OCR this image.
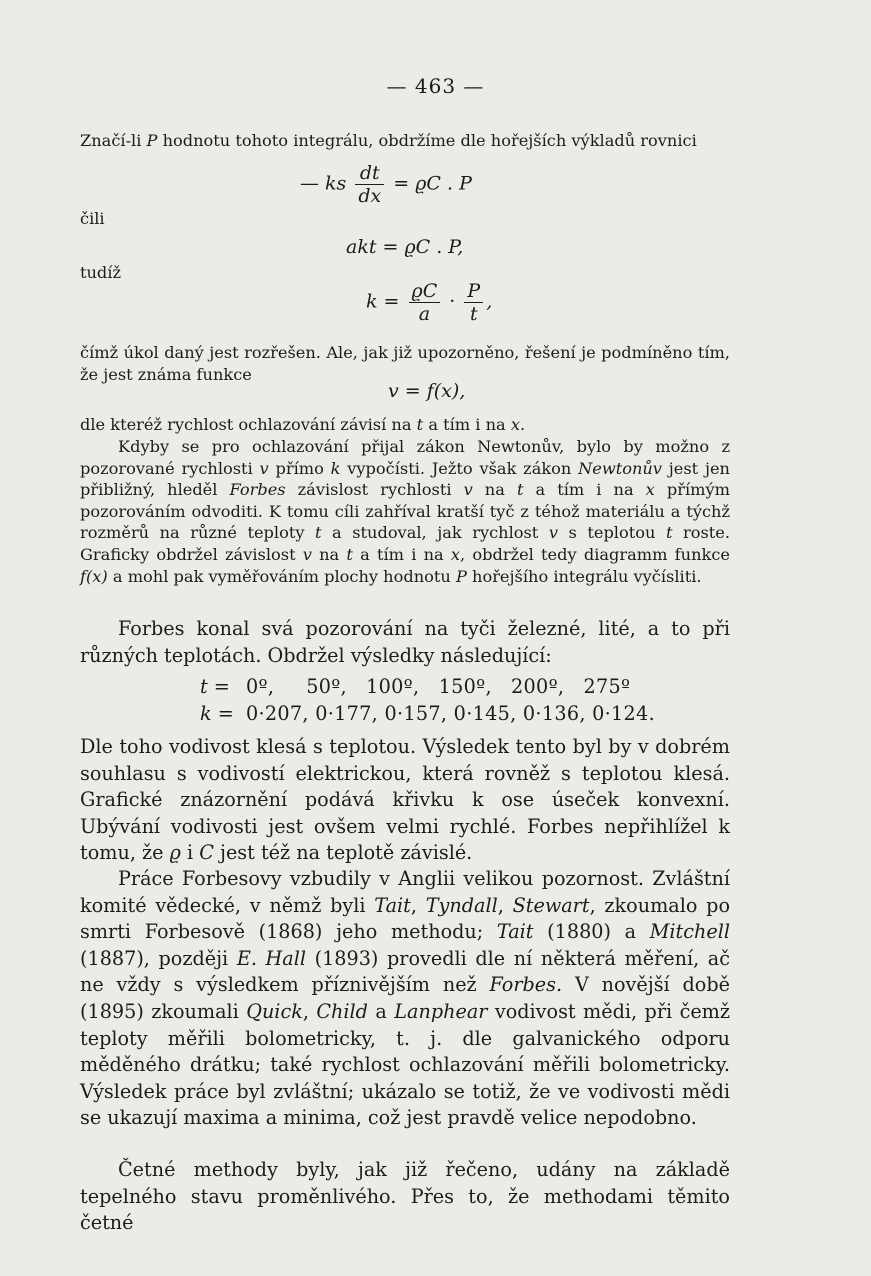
— 463 —
Značí-li P hodnotu tohoto integrálu, obdržíme dle hořejších výkladů rovnici
— ks $\frac{dt}{dx} = ϱC$ . P
čili
akt = ϱC . P,
tudíž
$k = \frac{ϱC}{a} \cdot \frac{P}{t}$ ,
čímž úkol daný jest rozřešen. Ale, jak již upozorněno, řešení je podmíněno tím, že jest známa funkce
v = f(x),
dle kteréž rychlost ochlazování závisí na t a tím i na x.
Kdyby se pro ochlazování přijal zákon Newtonův, bylo by možno z pozorované rychlosti v přímo k vypočísti. Ježto však zákon Newtonův jest jen přibližný, hleděl Forbes závislost rychlosti v na t a tím i na x přímým pozorováním odvoditi. K tomu cíli zahříval kratší tyč z téhož materiálu a týchž rozměrů na různé teploty t a studoval, jak rychlost v s teplotou t roste. Graficky obdržel závislost v na t a tím i na x, obdržel tedy diagramm funkce f(x) a mohl pak vyměřováním plochy hodnotu P hořejšího integrálu vyčísliti.
Forbes konal svá pozorování na tyči železné, lité, a to při různých teplotách. Obdržel výsledky následující:
t = 0º,     50º,   100º,   150º,   200º,   275º
k = 0·207, 0·177, 0·157, 0·145, 0·136, 0·124.
Dle toho vodivost klesá s teplotou. Výsledek tento byl by v dobrém souhlasu s vodivostí elektrickou, která rovněž s teplotou klesá. Grafické znázornění podává křivku k ose úseček konvexní. Ubývání vodivosti jest ovšem velmi rychlé. Forbes nepřihlížel k tomu, že ϱ i C jest též na teplotě závislé.
Práce Forbesovy vzbudily v Anglii velikou pozornost. Zvláštní komité vědecké, v němž byli Tait, Tyndall, Stewart, zkoumalo po smrti Forbesově (1868) jeho methodu; Tait (1880) a Mitchell (1887), později E. Hall (1893) provedli dle ní některá měření, ač ne vždy s výsledkem příznivějším než Forbes. V novější době (1895) zkoumali Quick, Child a Lanphear vodivost mědi, při čemž teploty měřili bolometricky, t. j. dle galvanického odporu měděného drátku; také rychlost ochlazování měřili bolometricky. Výsledek práce byl zvláštní; ukázalo se totiž, že ve vodivosti mědi se ukazují maxima a minima, což jest pravdě velice nepodobno.
Četné methody byly, jak již řečeno, udány na základě tepelného stavu proměnlivého. Přes to, že methodami těmito četné
